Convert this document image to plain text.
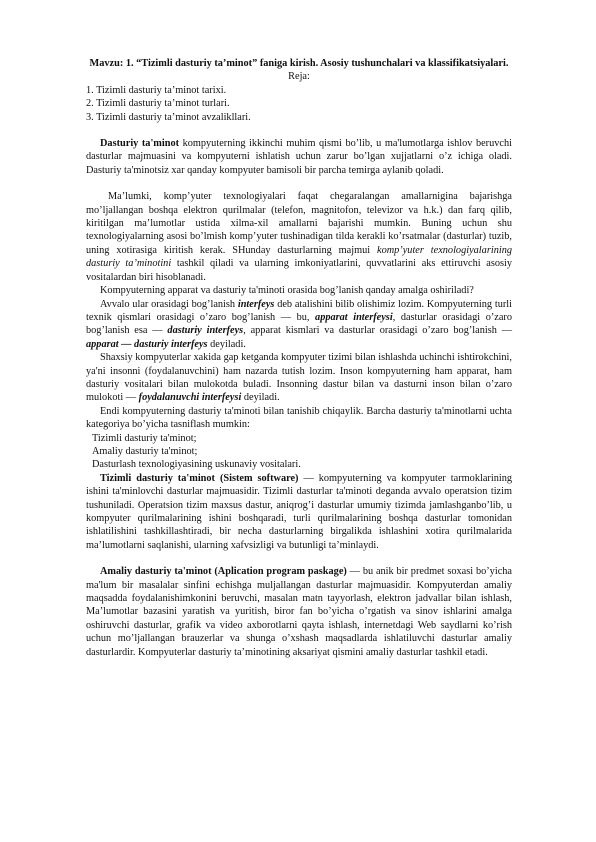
Mavzu: 1. “Tizimli dasturiy ta’minot” faniga kirish. Asosiy tushunchalari va klassifikatsiyalari.

Reja:

1. Tizimli dasturiy ta’minot tarixi.

2. Tizimli dasturiy ta’minot turlari.

3. Tizimli dasturiy ta’minot avzalikllari.

Dasturiy ta'minot kompyuterning ikkinchi muhim qismi bo’lib, u ma'lumotlarga ishlov beruvchi dasturlar majmuasini va kompyuterni ishlatish uchun zarur bo’lgan xujjatlarni o’z ichiga oladi. Dasturiy ta'minotsiz xar qanday kompyuter bamisoli bir parcha temirga aylanib qoladi.

Ma’lumki, komp’yuter texnologiyalari faqat chegaralangan amallarnigina bajarishga mo’ljallangan boshqa elektron qurilmalar (telefon, magnitofon, televizor va h.k.) dan farq qilib, kiritilgan ma’lumotlar ustida xilma-xil amallarni bajarishi mumkin. Buning uchun shu texnologiyalarning asosi bo’lmish komp’yuter tushinadigan tilda kerakli ko’rsatmalar (dasturlar) tuzib, uning xotirasiga kiritish kerak. SHunday dasturlarning majmui komp’yuter texnologiyalarining dasturiy ta’minotini tashkil qiladi va ularning imkoniyatlarini, quvvatlarini aks ettiruvchi asosiy vositalardan biri hisoblanadi.

Kompyuterning apparat va dasturiy ta'minoti orasida bog’lanish qanday amalga oshiriladi?

Avvalo ular orasidagi bog’lanish interfeys deb atalishini bilib olishimiz lozim. Kompyuterning turli texnik qismlari orasidagi o’zaro bog’lanish — bu, apparat interfeysi, dasturlar orasidagi o’zaro bog’lanish esa — dasturiy interfeys, apparat kismlari va dasturlar orasidagi o’zaro bog’lanish — apparat — dasturiy interfeys deyiladi.

Shaxsiy kompyuterlar xakida gap ketganda kompyuter tizimi bilan ishlashda uchinchi ishtirokchini, ya'ni insonni (foydalanuvchini) ham nazarda tutish lozim. Inson kompyuterning ham apparat, ham dasturiy vositalari bilan mulokotda buladi. Insonning dastur bilan va dasturni inson bilan o’zaro mulokoti — foydalanuvchi interfeysi deyiladi.

Endi kompyuterning dasturiy ta'minoti bilan tanishib chiqaylik. Barcha dasturiy ta'minotlarni uchta kategoriya bo’yicha tasniflash mumkin:

Tizimli dasturiy ta'minot;

Amaliy dasturiy ta'minot;

Dasturlash texnologiyasining uskunaviy vositalari.

Tizimli dasturiy ta'minot (Sistem software) — kompyuterning va kompyuter tarmoklarining ishini ta'minlovchi dasturlar majmuasidir. Tizimli dasturlar ta'minoti deganda avvalo operatsion tizim tushuniladi. Operatsion tizim maxsus dastur, aniqrog’i dasturlar umumiy tizimda jamlashganbo’lib, u kompyuter qurilmalarining ishini boshqaradi, turli qurilmalarining boshqa dasturlar tomonidan ishlatilishini tashkillashtiradi, bir necha dasturlarning birgalikda ishlashini xotira qurilmalarida ma’lumotlarni saqlanishi, ularning xafvsizligi va butunligi ta’minlaydi.

Amaliy dasturiy ta'minot (Aplication program paskage) — bu anik bir predmet soxasi bo’yicha ma'lum bir masalalar sinfini echishga muljallangan dasturlar majmuasidir. Kompyuterdan amaliy maqsadda foydalanishimkonini beruvchi, masalan matn tayyorlash, elektron jadvallar bilan ishlash, Ma’lumotlar bazasini yaratish va yuritish, biror fan bo’yicha o’rgatish va sinov ishlarini amalga oshiruvchi dasturlar, grafik va video axborotlarni qayta ishlash, internetdagi Web saydlarni ko’rish uchun mo’ljallangan brauzerlar va shunga o’xshash maqsadlarda ishlatiluvchi dasturlar amaliy dasturlardir. Kompyuterlar dasturiy ta’minotining aksariyat qismini amaliy dasturlar tashkil etadi.
